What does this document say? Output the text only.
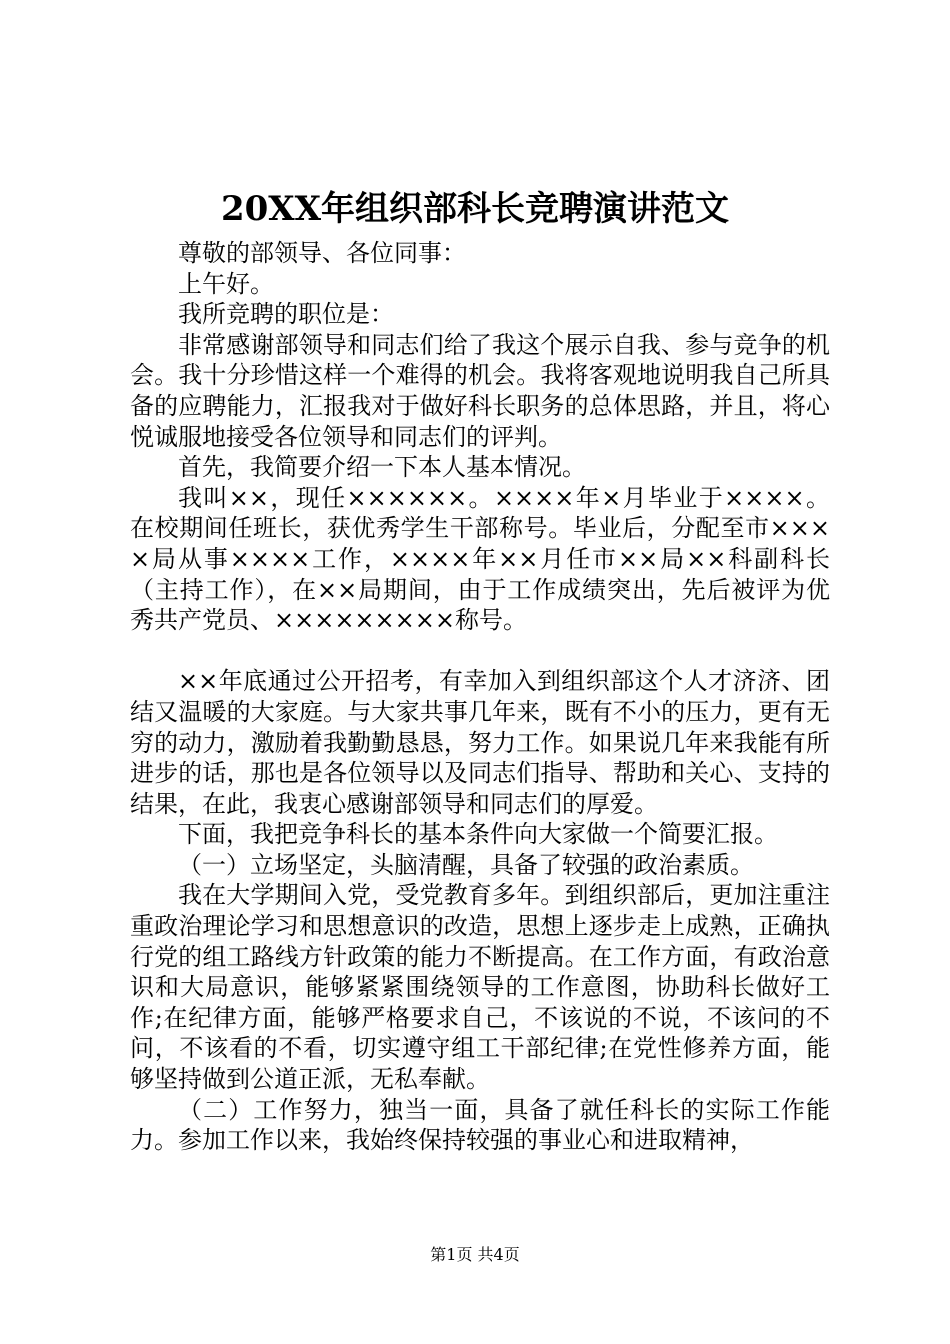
20XX年组织部科长竞聘演讲范文

尊敬的部领导、各位同事：

上午好。

我所竞聘的职位是：

非常感谢部领导和同志们给了我这个展示自我、参与竞争的机会。我十分珍惜这样一个难得的机会。我将客观地说明我自己所具备的应聘能力，汇报我对于做好科长职务的总体思路，并且，将心悦诚服地接受各位领导和同志们的评判。

首先，我简要介绍一下本人基本情况。

我叫××，现任××××××。××××年×月毕业于××××。在校期间任班长，获优秀学生干部称号。毕业后，分配至市××××局从事××××工作，××××年××月任市××局××科副科长（主持工作），在××局期间，由于工作成绩突出，先后被评为优秀共产党员、×××××××××称号。

××年底通过公开招考，有幸加入到组织部这个人才济济、团结又温暖的大家庭。与大家共事几年来，既有不小的压力，更有无穷的动力，激励着我勤勤恳恳，努力工作。如果说几年来我能有所进步的话，那也是各位领导以及同志们指导、帮助和关心、支持的结果，在此，我衷心感谢部领导和同志们的厚爱。

下面，我把竞争科长的基本条件向大家做一个简要汇报。

（一）立场坚定，头脑清醒，具备了较强的政治素质。

我在大学期间入党，受党教育多年。到组织部后，更加注重注重政治理论学习和思想意识的改造，思想上逐步走上成熟，正确执行党的组工路线方针政策的能力不断提高。在工作方面，有政治意识和大局意识，能够紧紧围绕领导的工作意图，协助科长做好工作;在纪律方面，能够严格要求自己，不该说的不说，不该问的不问，不该看的不看，切实遵守组工干部纪律;在党性修养方面，能够坚持做到公道正派，无私奉献。

（二）工作努力，独当一面，具备了就任科长的实际工作能力。参加工作以来，我始终保持较强的事业心和进取精神，

第1页 共4页
